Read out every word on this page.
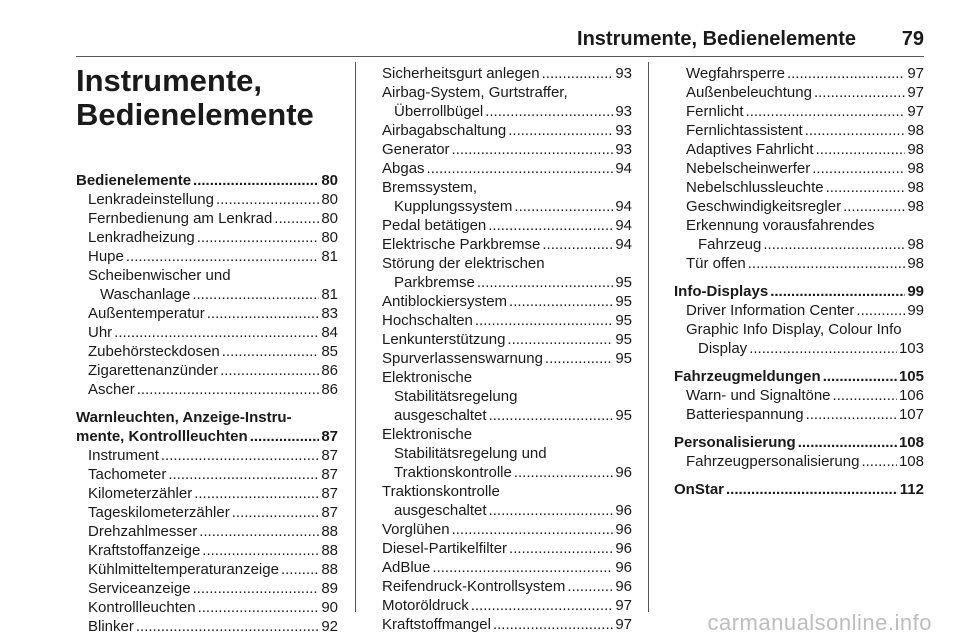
Instrumente, Bedienelemente 79
Instrumente,
Bedienelemente
Bedienelemente .....	80
Lenkradeinstellung .....	80
Fernbedienung am Lenkrad .....	80
Lenkradheizung .....	80
Hupe .....	81
Scheibenwischer und
Waschanlage .....	81
Außentemperatur .....	83
Uhr .....	84
Zubehörsteckdosen .....	85
Zigarettenanzünder .....	86
Ascher .....	86
Warnleuchten, Anzeige-Instru-
mente, Kontrollleuchten .....	87
Instrument .....	87
Tachometer .....	87
Kilometerzähler .....	87
Tageskilometerzähler .....	87
Drehzahlmesser .....	88
Kraftstoffanzeige .....	88
Kühlmitteltemperaturanzeige .....	88
Serviceanzeige .....	89
Kontrollleuchten .....	90
Blinker .....	92
Sicherheitsgurt anlegen .....	93
Airbag-System, Gurtstraffer,
Überrollbügel .....	93
Airbagabschaltung .....	93
Generator .....	93
Abgas .....	94
Bremssystem,
Kupplungssystem .....	94
Pedal betätigen .....	94
Elektrische Parkbremse .....	94
Störung der elektrischen
Parkbremse .....	95
Antiblockiersystem .....	95
Hochschalten .....	95
Lenkunterstützung .....	95
Spurverlassenswarnung .....	95
Elektronische
Stabilitätsregelung
ausgeschaltet .....	95
Elektronische
Stabilitätsregelung und
Traktionskontrolle .....	96
Traktionskontrolle
ausgeschaltet .....	96
Vorglühen .....	96
Diesel-Partikelfilter .....	96
AdBlue .....	96
Reifendruck-Kontrollsystem .....	96
Motoröldruck .....	97
Kraftstoffmangel .....	97
Wegfahrsperre .....	97
Außenbeleuchtung .....	97
Fernlicht .....	97
Fernlichtassistent .....	98
Adaptives Fahrlicht .....	98
Nebelscheinwerfer .....	98
Nebelschlussleuchte .....	98
Geschwindigkeitsregler .....	98
Erkennung vorausfahrendes
Fahrzeug .....	98
Tür offen .....	98
Info-Displays .....	99
Driver Information Center .....	99
Graphic Info Display, Colour Info
Display .....	103
Fahrzeugmeldungen .....	105
Warn- und Signaltöne .....	106
Batteriespannung .....	107
Personalisierung .....	108
Fahrzeugpersonalisierung .....	108
OnStar .....	112
carmanualsonline.info
